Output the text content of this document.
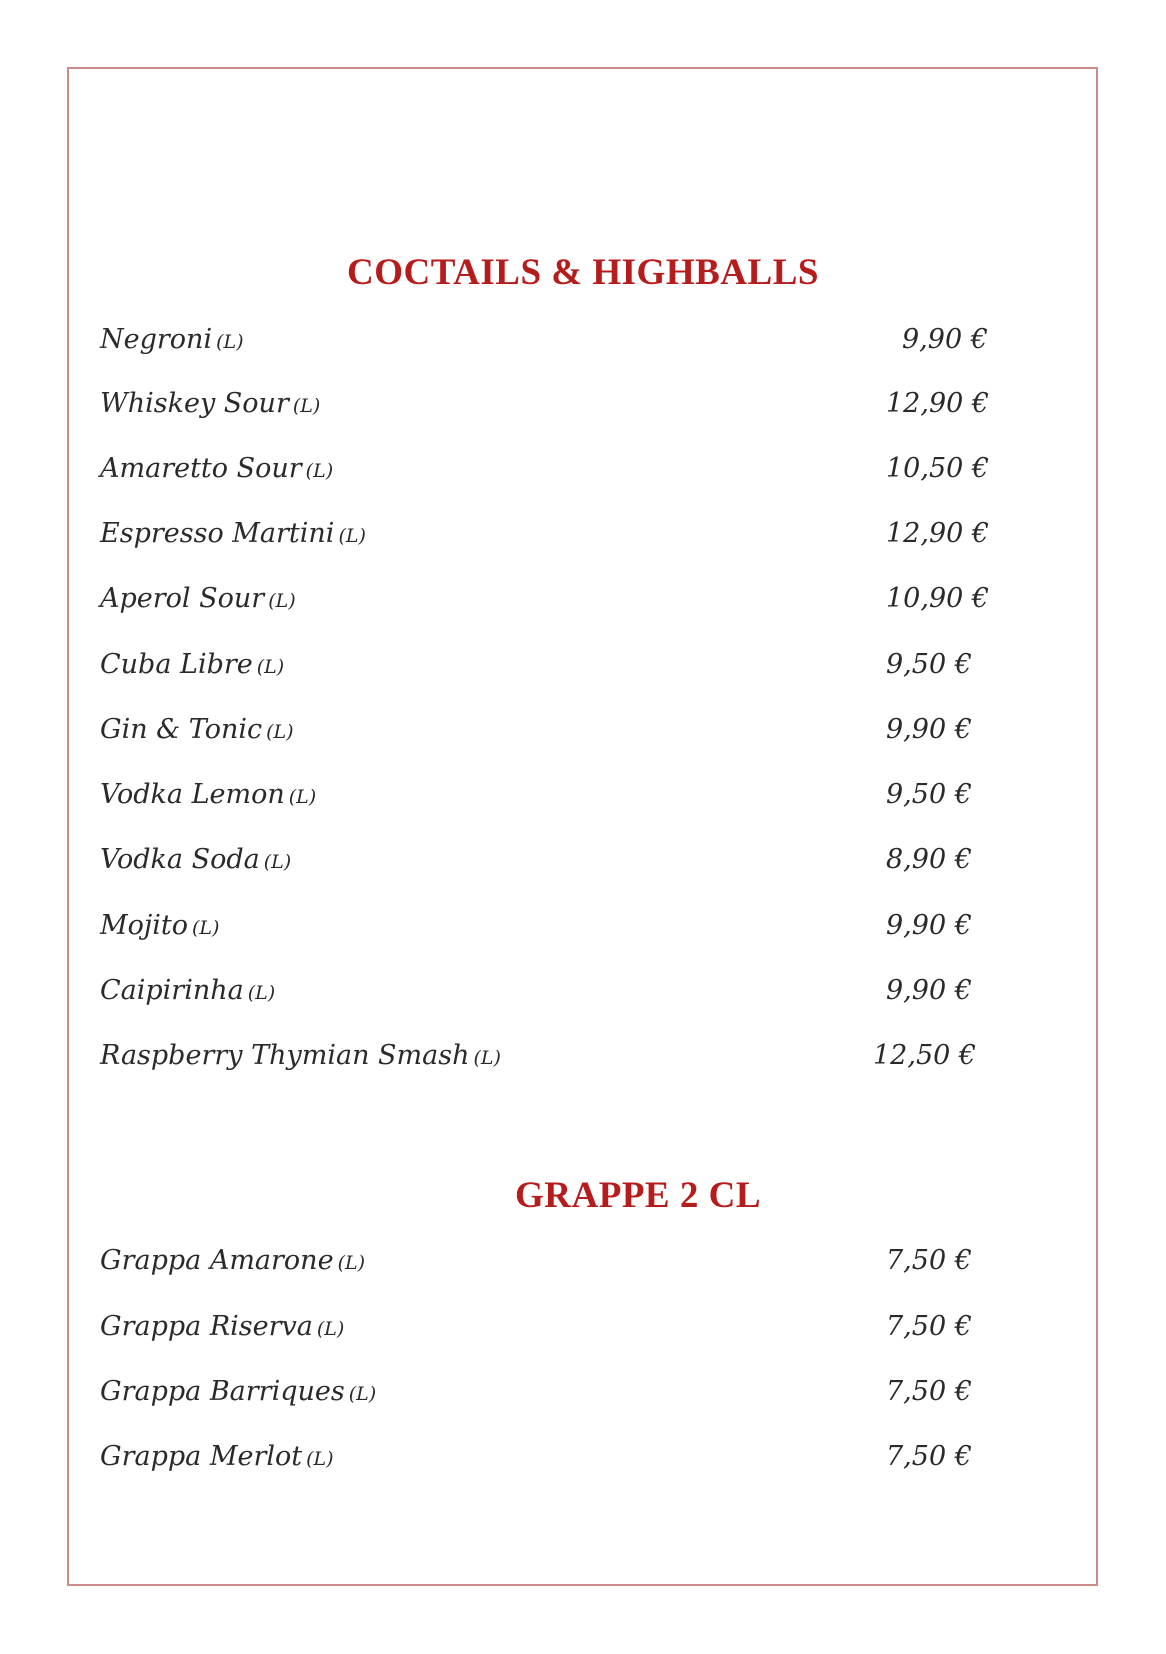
COCTAILS & HIGHBALLS
Negroni (L)	9,90 €
Whiskey Sour (L)	12,90 €
Amaretto Sour (L)	10,50 €
Espresso Martini (L)	12,90 €
Aperol Sour (L)	10,90 €
Cuba Libre (L)	9,50 €
Gin & Tonic (L)	9,90 €
Vodka Lemon (L)	9,50 €
Vodka Soda (L)	8,90 €
Mojito (L)	9,90 €
Caipirinha (L)	9,90 €
Raspberry Thymian Smash (L)	12,50 €
GRAPPE 2 CL
Grappa Amarone (L)	7,50 €
Grappa Riserva (L)	7,50 €
Grappa Barriques (L)	7,50 €
Grappa Merlot (L)	7,50 €
